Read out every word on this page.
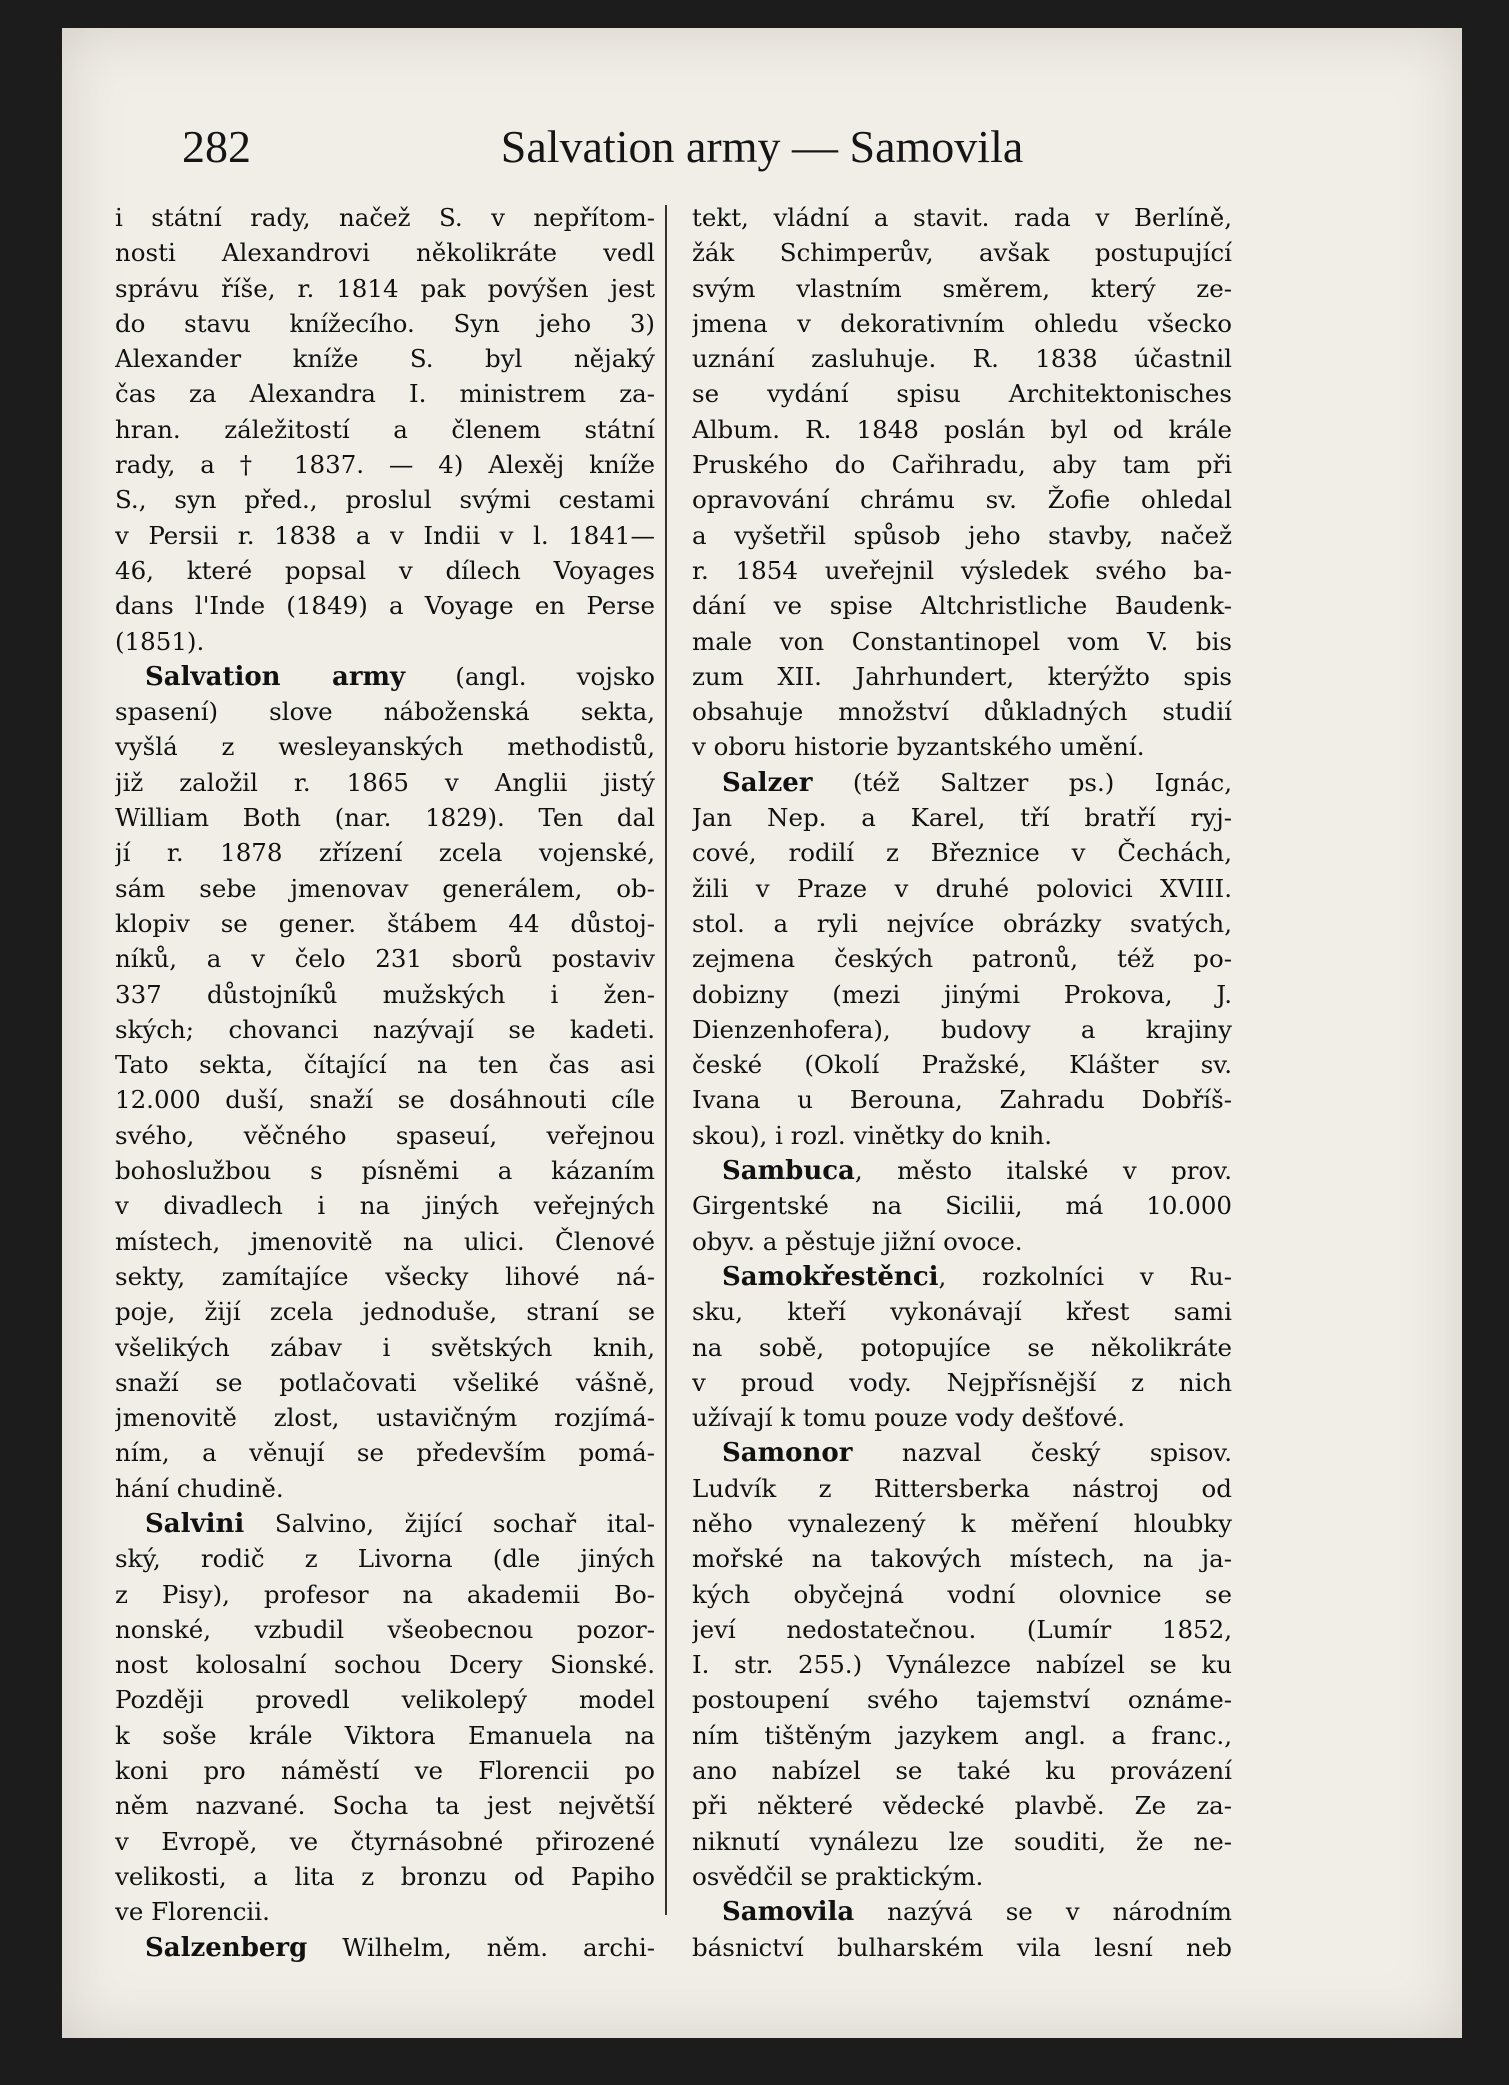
282	Salvation army — Samovila
i státní rady, načež S. v nepřítom-
nosti Alexandrovi několikráte vedl
správu říše, r. 1814 pak povýšen jest
do stavu knížecího. Syn jeho 3)
Alexander kníže S. byl nějaký
čas za Alexandra I. ministrem za-
hran. záležitostí a členem státní
rady, a † 1837. — 4) Alexěj kníže
S., syn před., proslul svými cestami
v Persii r. 1838 a v Indii v l. 1841—
46, které popsal v dílech Voyages
dans l'Inde (1849) a Voyage en Perse
(1851).
Salvation army (angl. vojsko
spasení) slove náboženská sekta,
vyšlá z wesleyanských methodistů,
již založil r. 1865 v Anglii jistý
William Both (nar. 1829). Ten dal
jí r. 1878 zřízení zcela vojenské,
sám sebe jmenovav generálem, ob-
klopiv se gener. štábem 44 důstoj-
níků, a v čelo 231 sborů postaviv
337 důstojníků mužských i žen-
ských; chovanci nazývají se kadeti.
Tato sekta, čítající na ten čas asi
12.000 duší, snaží se dosáhnouti cíle
svého, věčného spaseuí, veřejnou
bohoslužbou s písněmi a kázaním
v divadlech i na jiných veřejných
místech, jmenovitě na ulici. Členové
sekty, zamítajíce všecky lihové ná-
poje, žijí zcela jednoduše, straní se
všelikých zábav i světských knih,
snaží se potlačovati všeliké vášně,
jmenovitě zlost, ustavičným rozjímá-
ním, a věnují se především pomá-
hání chudině.
Salvini Salvino, žijící sochař ital-
ský, rodič z Livorna (dle jiných
z Pisy), profesor na akademii Bo-
nonské, vzbudil všeobecnou pozor-
nost kolosalní sochou Dcery Sionské.
Později provedl velikolepý model
k soše krále Viktora Emanuela na
koni pro náměstí ve Florencii po
něm nazvané. Socha ta jest největší
v Evropě, ve čtyrnásobné přirozené
velikosti, a lita z bronzu od Papiho
ve Florencii.
Salzenberg Wilhelm, něm. archi-
tekt, vládní a stavit. rada v Berlíně,
žák Schimperův, avšak postupující
svým vlastním směrem, který ze-
jmena v dekorativním ohledu všecko
uznání zasluhuje. R. 1838 účastnil
se vydání spisu Architektonisches
Album. R. 1848 poslán byl od krále
Pruského do Cařihradu, aby tam při
opravování chrámu sv. Žofie ohledal
a vyšetřil spůsob jeho stavby, načež
r. 1854 uveřejnil výsledek svého ba-
dání ve spise Altchristliche Baudenk-
male von Constantinopel vom V. bis
zum XII. Jahrhundert, kterýžto spis
obsahuje množství důkladných studií
v oboru historie byzantského umění.
Salzer (též Saltzer ps.) Ignác,
Jan Nep. a Karel, tří bratří ryj-
cové, rodilí z Březnice v Čechách,
žili v Praze v druhé polovici XVIII.
stol. a ryli nejvíce obrázky svatých,
zejmena českých patronů, též po-
dobizny (mezi jinými Prokova, J.
Dienzenhofera), budovy a krajiny
české (Okolí Pražské, Klášter sv.
Ivana u Berouna, Zahradu Dobříš-
skou), i rozl. vinětky do knih.
Sambuca, město italské v prov.
Girgentské na Sicilii, má 10.000
obyv. a pěstuje jižní ovoce.
Samokřestěnci, rozkolníci v Ru-
sku, kteří vykonávají křest sami
na sobě, potopujíce se několikráte
v proud vody. Nejpřísnější z nich
užívají k tomu pouze vody dešťové.
Samonor nazval český spisov.
Ludvík z Rittersberka nástroj od
něho vynalezený k měření hloubky
mořské na takových místech, na ja-
kých obyčejná vodní olovnice se
jeví nedostatečnou. (Lumír 1852,
I. str. 255.) Vynálezce nabízel se ku
postoupení svého tajemství oznáme-
ním tištěným jazykem angl. a franc.,
ano nabízel se také ku provázení
při některé vědecké plavbě. Ze za-
niknutí vynálezu lze souditi, že ne-
osvědčil se praktickým.
Samovila nazývá se v národním
básnictví bulharském vila lesní neb
